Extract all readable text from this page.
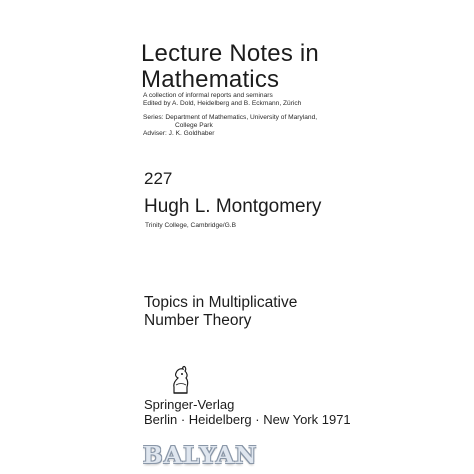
Lecture Notes in
Mathematics
A collection of informal reports and seminars
Edited by A. Dold, Heidelberg and B. Eckmann, Zürich
Series: Department of Mathematics, University of Maryland,
College Park
Adviser: J. K. Goldhaber
227
Hugh L. Montgomery
Trinity College, Cambridge/G.B
Topics in Multiplicative
Number Theory
Springer-Verlag
Berlin · Heidelberg · New York 1971
BALYAN
